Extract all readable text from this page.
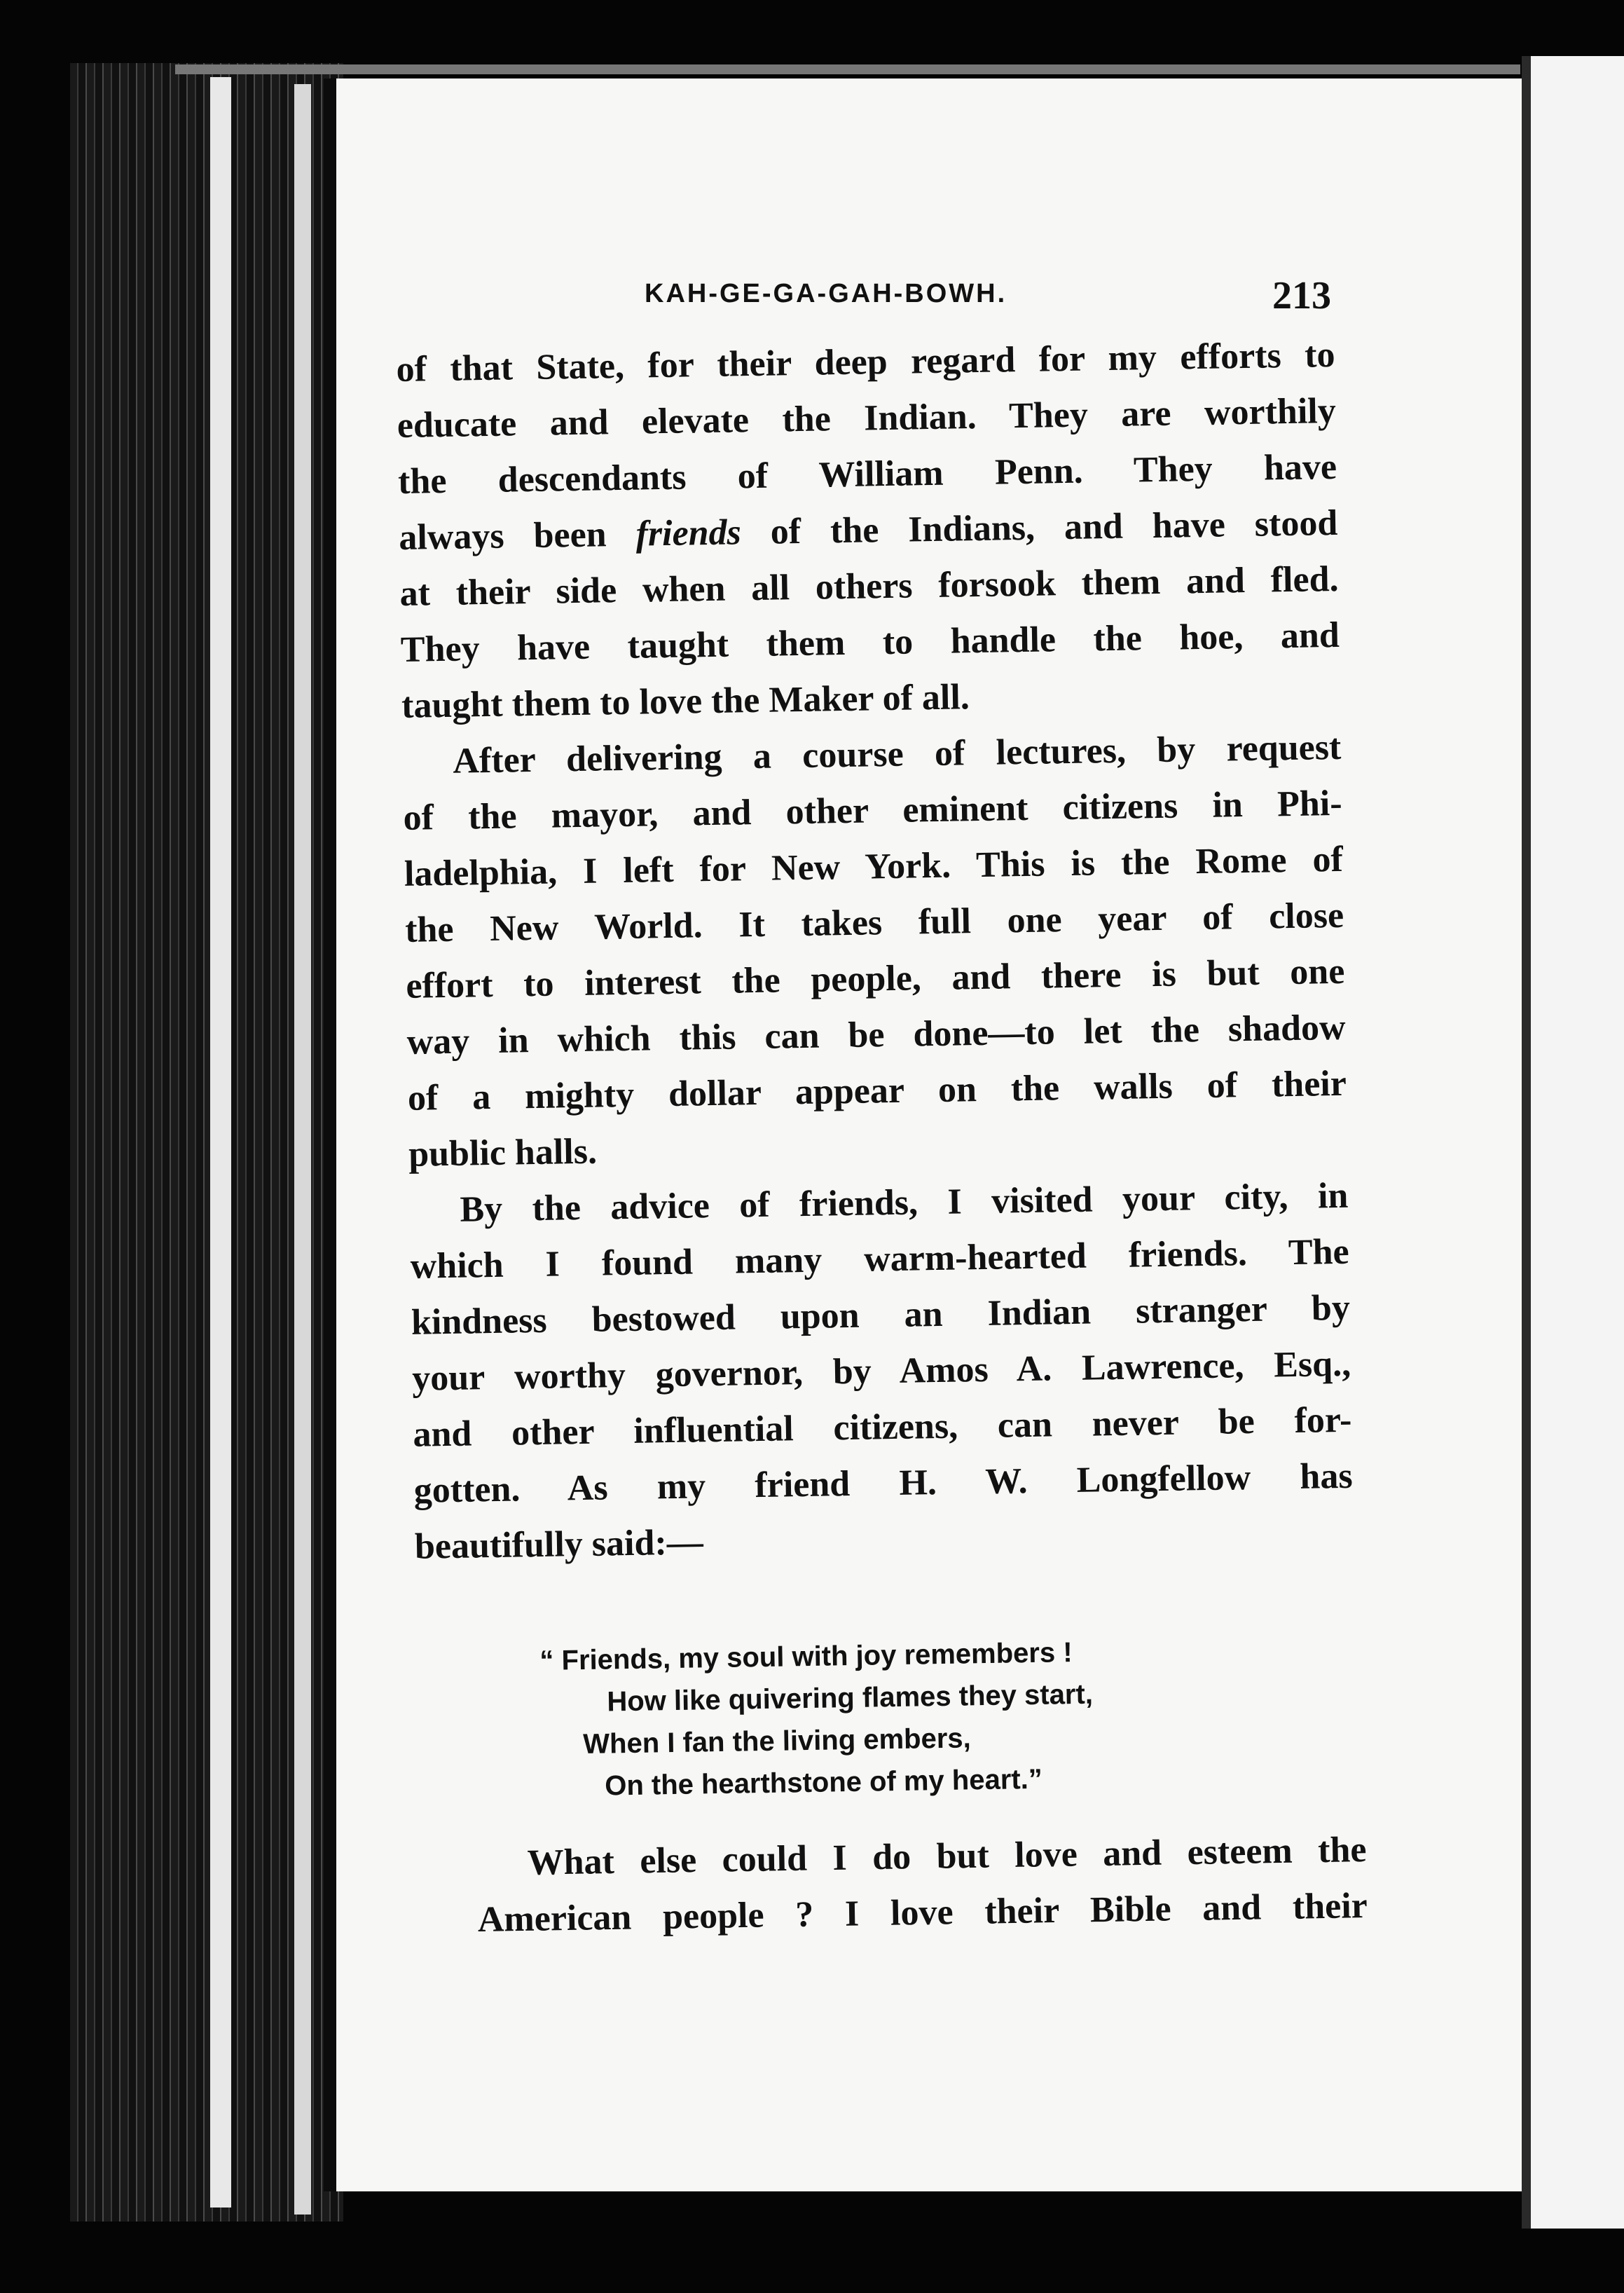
KAH-GE-GA-GAH-BOWH.	213
of that State, for their deep regard for my efforts to
educate and elevate the Indian. They are worthily
the descendants of William Penn. They have
always been friends of the Indians, and have stood
at their side when all others forsook them and fled.
They have taught them to handle the hoe, and
taught them to love the Maker of all.
After delivering a course of lectures, by request
of the mayor, and other eminent citizens in Phi-
ladelphia, I left for New York. This is the Rome of
the New World. It takes full one year of close
effort to interest the people, and there is but one
way in which this can be done—to let the shadow
of a mighty dollar appear on the walls of their
public halls.
By the advice of friends, I visited your city, in
which I found many warm-hearted friends. The
kindness bestowed upon an Indian stranger by
your worthy governor, by Amos A. Lawrence, Esq.,
and other influential citizens, can never be for-
gotten. As my friend H. W. Longfellow has
beautifully said:—
“ Friends, my soul with joy remembers !
How like quivering flames they start,
When I fan the living embers,
On the hearthstone of my heart.”
What else could I do but love and esteem the
American people ? I love their Bible and their
